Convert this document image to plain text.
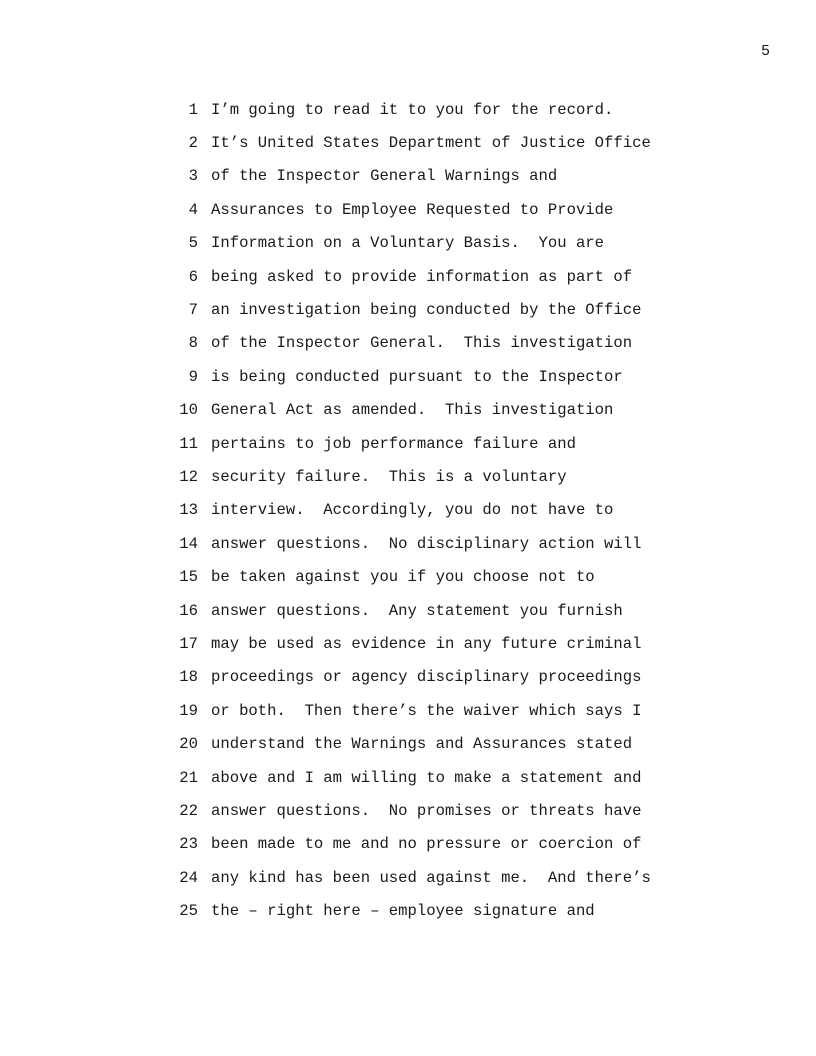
5
1 I’m going to read it to you for the record.
2 It’s United States Department of Justice Office
3 of the Inspector General Warnings and
4 Assurances to Employee Requested to Provide
5 Information on a Voluntary Basis.  You are
6 being asked to provide information as part of
7 an investigation being conducted by the Office
8 of the Inspector General.  This investigation
9 is being conducted pursuant to the Inspector
10 General Act as amended.  This investigation
11 pertains to job performance failure and
12 security failure.  This is a voluntary
13 interview.  Accordingly, you do not have to
14 answer questions.  No disciplinary action will
15 be taken against you if you choose not to
16 answer questions.  Any statement you furnish
17 may be used as evidence in any future criminal
18 proceedings or agency disciplinary proceedings
19 or both.  Then there’s the waiver which says I
20 understand the Warnings and Assurances stated
21 above and I am willing to make a statement and
22 answer questions.  No promises or threats have
23 been made to me and no pressure or coercion of
24 any kind has been used against me.  And there’s
25 the – right here – employee signature and
